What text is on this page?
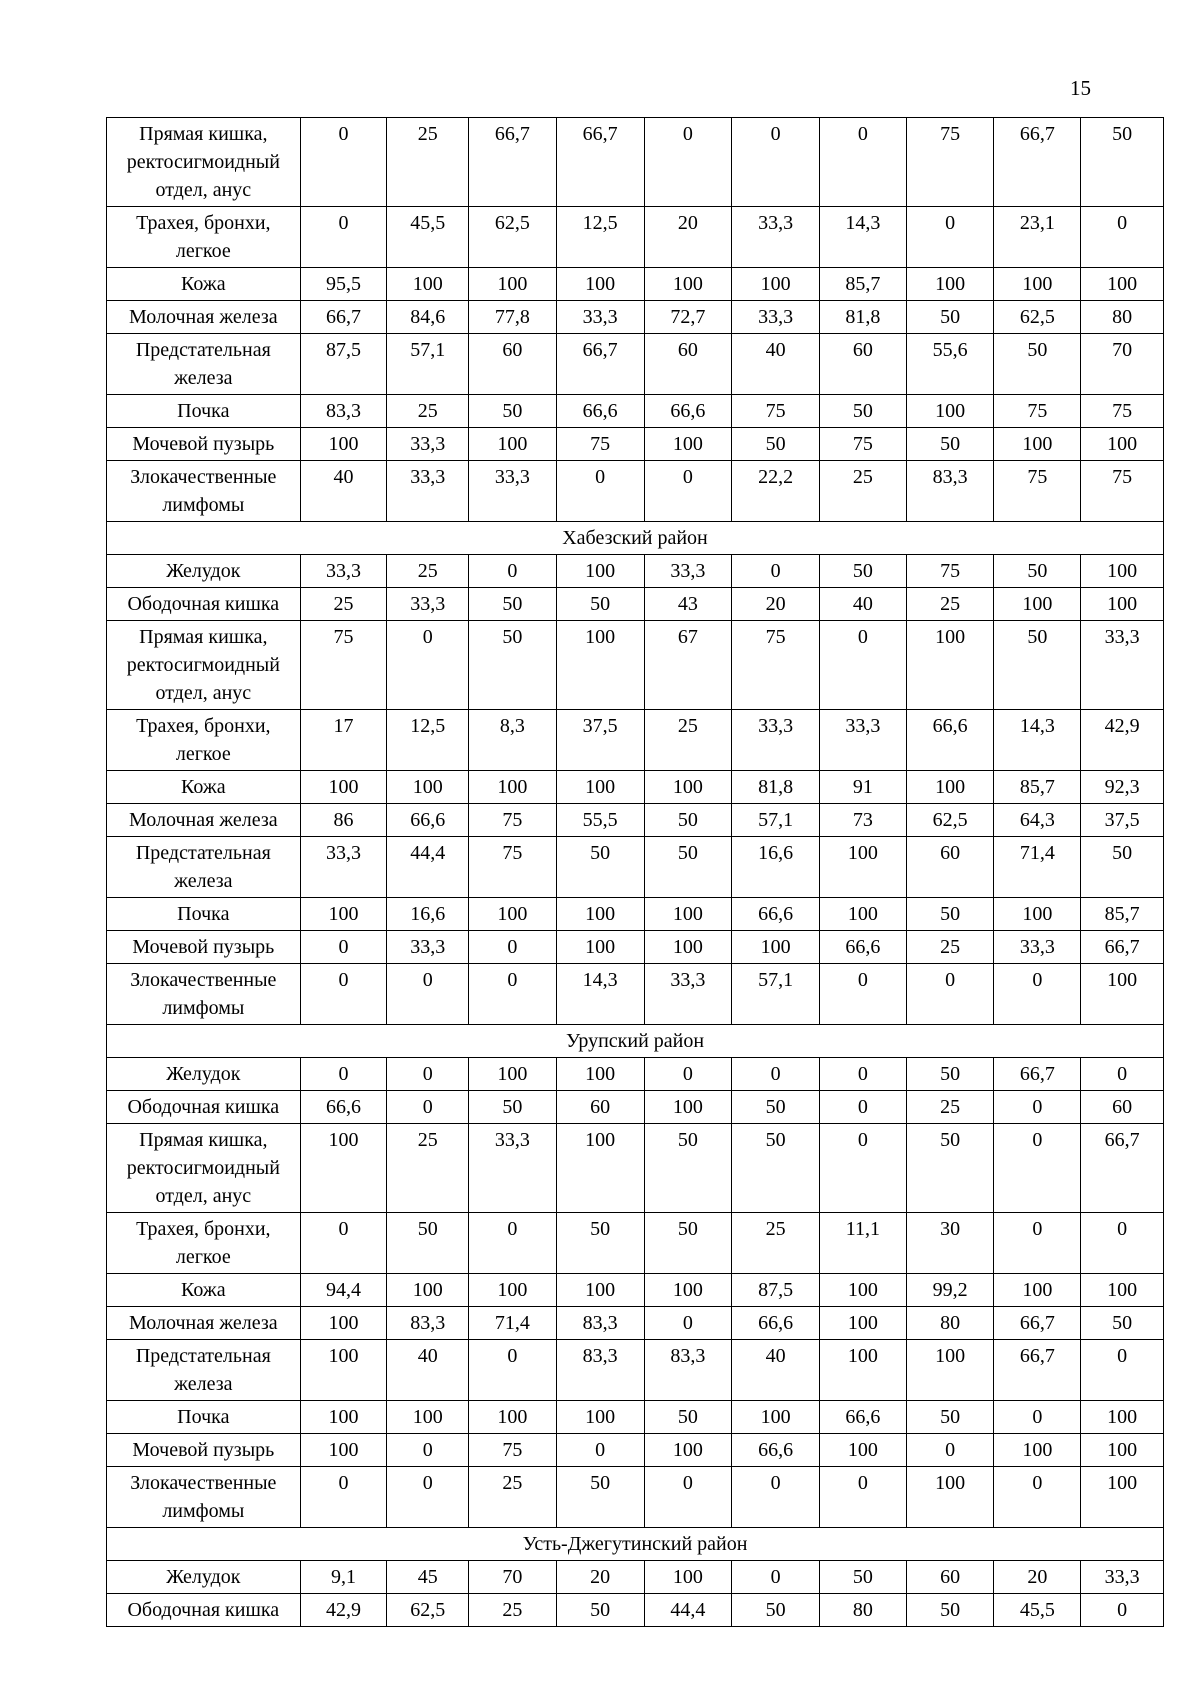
15
Прямая кишка, ректосигмоидный отдел, анус	0	25	66,7	66,7	0	0	0	75	66,7	50
Трахея, бронхи, легкое	0	45,5	62,5	12,5	20	33,3	14,3	0	23,1	0
Кожа	95,5	100	100	100	100	100	85,7	100	100	100
Молочная железа	66,7	84,6	77,8	33,3	72,7	33,3	81,8	50	62,5	80
Предстательная железа	87,5	57,1	60	66,7	60	40	60	55,6	50	70
Почка	83,3	25	50	66,6	66,6	75	50	100	75	75
Мочевой пузырь	100	33,3	100	75	100	50	75	50	100	100
Злокачественные лимфомы	40	33,3	33,3	0	0	22,2	25	83,3	75	75
Хабезский район										
Желудок	33,3	25	0	100	33,3	0	50	75	50	100
Ободочная кишка	25	33,3	50	50	43	20	40	25	100	100
Прямая кишка, ректосигмоидный отдел, анус	75	0	50	100	67	75	0	100	50	33,3
Трахея, бронхи, легкое	17	12,5	8,3	37,5	25	33,3	33,3	66,6	14,3	42,9
Кожа	100	100	100	100	100	81,8	91	100	85,7	92,3
Молочная железа	86	66,6	75	55,5	50	57,1	73	62,5	64,3	37,5
Предстательная железа	33,3	44,4	75	50	50	16,6	100	60	71,4	50
Почка	100	16,6	100	100	100	66,6	100	50	100	85,7
Мочевой пузырь	0	33,3	0	100	100	100	66,6	25	33,3	66,7
Злокачественные лимфомы	0	0	0	14,3	33,3	57,1	0	0	0	100
Урупский район										
Желудок	0	0	100	100	0	0	0	50	66,7	0
Ободочная кишка	66,6	0	50	60	100	50	0	25	0	60
Прямая кишка, ректосигмоидный отдел, анус	100	25	33,3	100	50	50	0	50	0	66,7
Трахея, бронхи, легкое	0	50	0	50	50	25	11,1	30	0	0
Кожа	94,4	100	100	100	100	87,5	100	99,2	100	100
Молочная железа	100	83,3	71,4	83,3	0	66,6	100	80	66,7	50
Предстательная железа	100	40	0	83,3	83,3	40	100	100	66,7	0
Почка	100	100	100	100	50	100	66,6	50	0	100
Мочевой пузырь	100	0	75	0	100	66,6	100	0	100	100
Злокачественные лимфомы	0	0	25	50	0	0	0	100	0	100
Усть-Джегутинский район										
Желудок	9,1	45	70	20	100	0	50	60	20	33,3
Ободочная кишка	42,9	62,5	25	50	44,4	50	80	50	45,5	0
